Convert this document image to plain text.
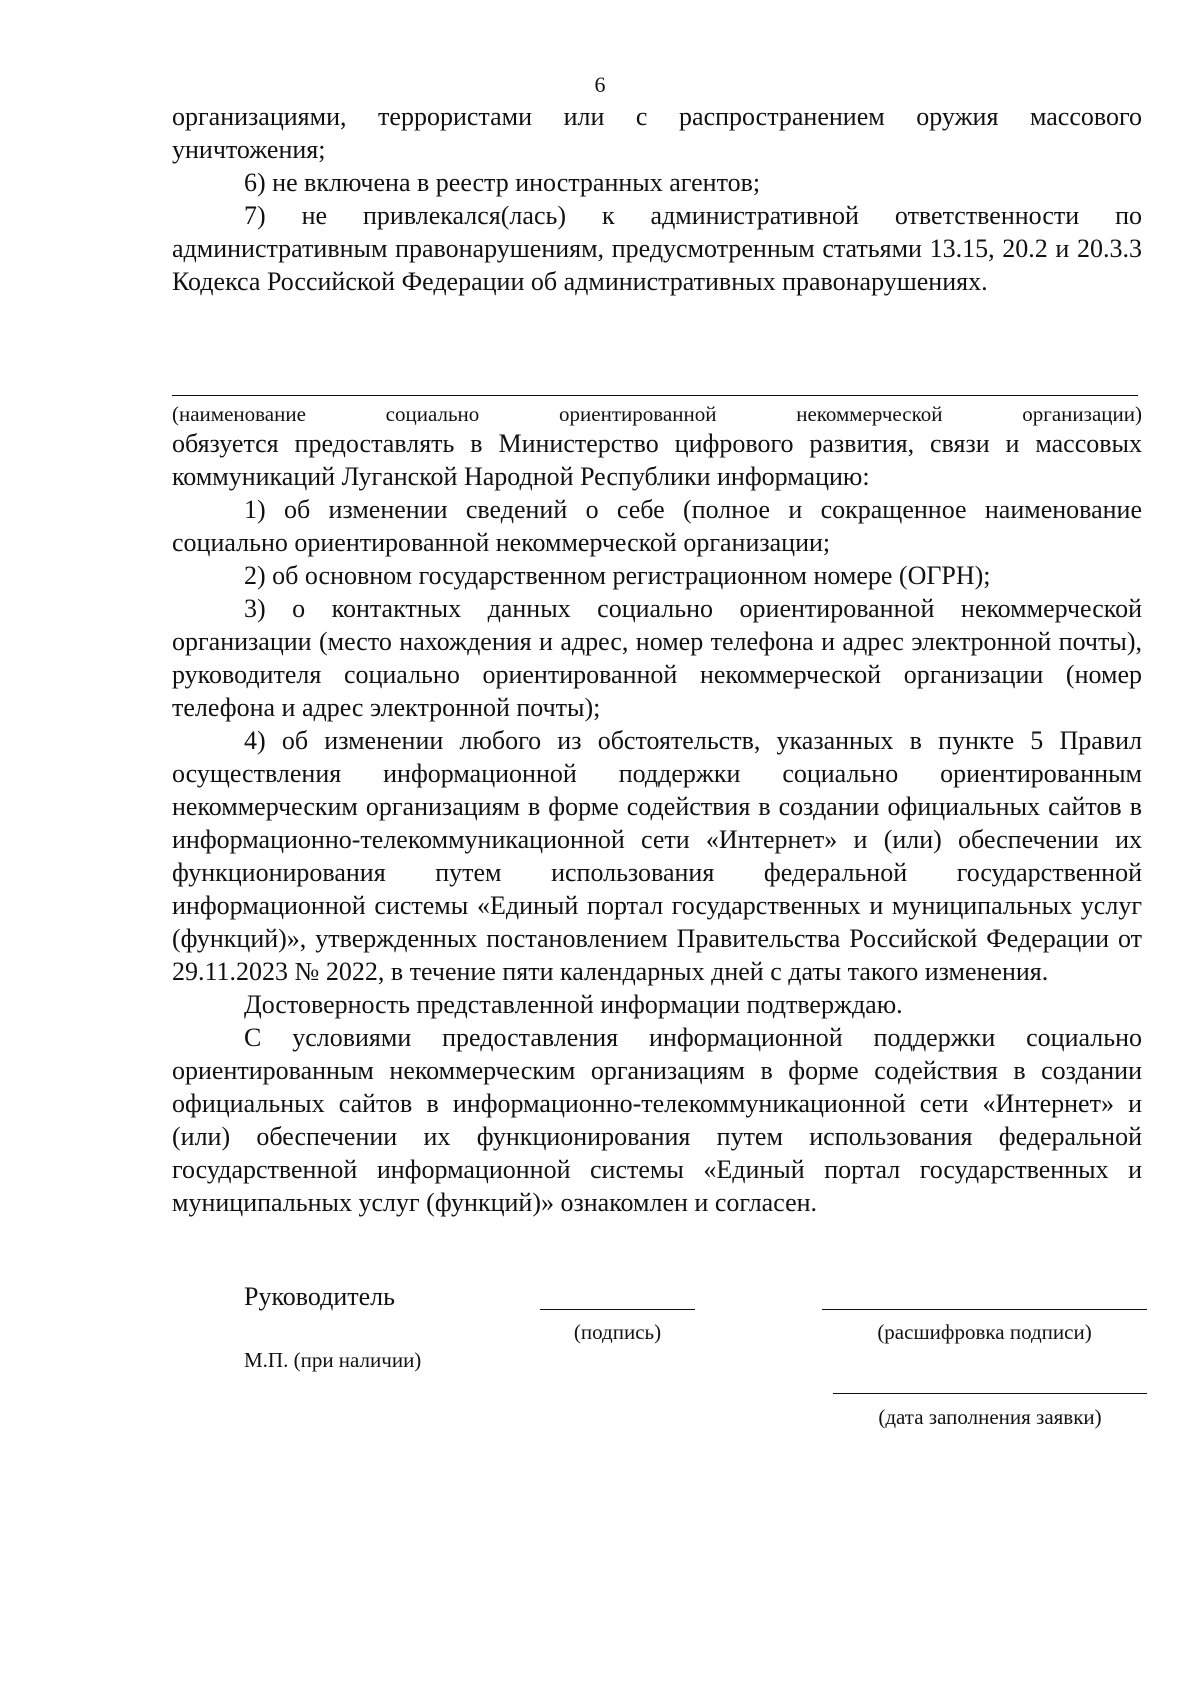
6

организациями, террористами или с распространением оружия массового уничтожения;

6) не включена в реестр иностранных агентов;

7) не привлекался(лась) к административной ответственности по административным правонарушениям, предусмотренным статьями 13.15, 20.2 и 20.3.3 Кодекса Российской Федерации об административных правонарушениях.

(наименование	социально	ориентированной	некоммерческой	организации)

обязуется предоставлять в Министерство цифрового развития, связи и массовых коммуникаций Луганской Народной Республики информацию:

1) об изменении сведений о себе (полное и сокращенное наименование социально ориентированной некоммерческой организации;

2) об основном государственном регистрационном номере (ОГРН);

3) о контактных данных социально ориентированной некоммерческой организации (место нахождения и адрес, номер телефона и адрес электронной почты), руководителя социально ориентированной некоммерческой организации (номер телефона и адрес электронной почты);

4) об изменении любого из обстоятельств, указанных в пункте 5 Правил осуществления информационной поддержки социально ориентированным некоммерческим организациям в форме содействия в создании официальных сайтов в информационно-телекоммуникационной сети «Интернет» и (или) обеспечении их функционирования путем использования федеральной государственной информационной системы «Единый портал государственных и муниципальных услуг (функций)», утвержденных постановлением Правительства Российской Федерации от 29.11.2023 № 2022, в течение пяти календарных дней с даты такого изменения.

Достоверность представленной информации подтверждаю.

С условиями предоставления информационной поддержки социально ориентированным некоммерческим организациям в форме содействия в создании официальных сайтов в информационно-телекоммуникационной сети «Интернет» и (или) обеспечении их функционирования путем использования федеральной государственной информационной системы «Единый портал государственных и муниципальных услуг (функций)» ознакомлен и согласен.

Руководитель
(подпись)	(расшифровка подписи)
М.П. (при наличии)
(дата заполнения заявки)
